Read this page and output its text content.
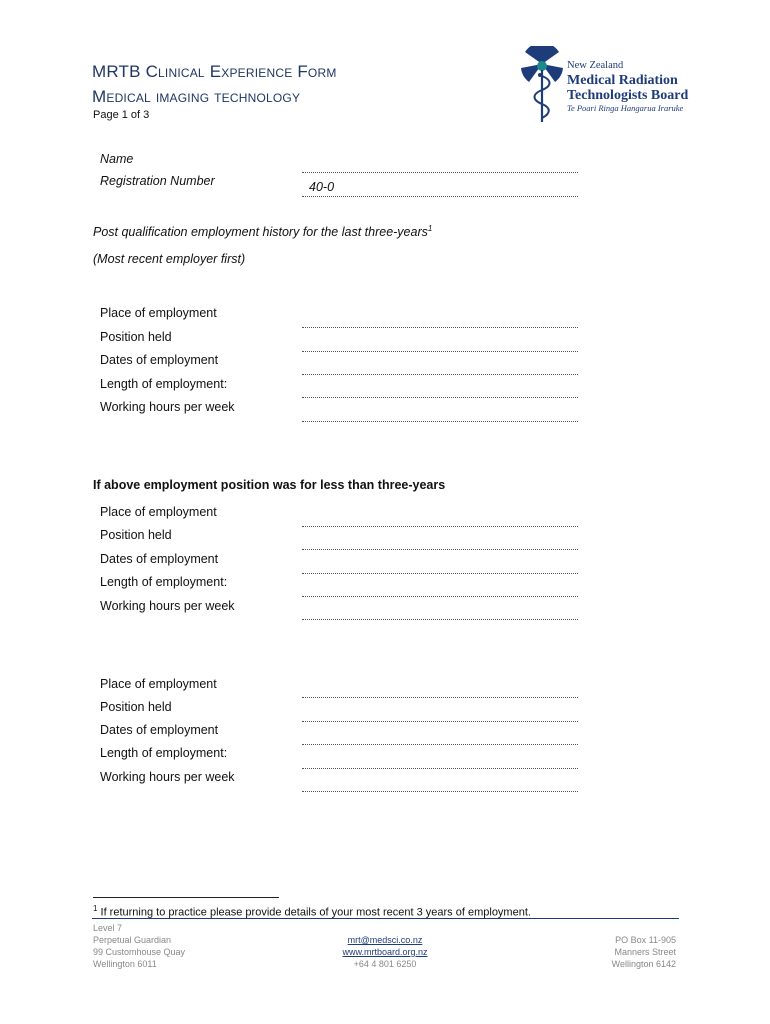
MRTB Clinical Experience Form
Medical imaging technology
Page 1 of 3
New Zealand
Medical Radiation
Technologists Board
Te Poari Ringa Hangarua Iraruke
Name
Registration Number	40-0
Post qualification employment history for the last three-years$^1$
(Most recent employer first)
Place of employment
Position held
Dates of employment
Length of employment:
Working hours per week
If above employment position was for less than three-years
Place of employment
Position held
Dates of employment
Length of employment:
Working hours per week
Place of employment
Position held
Dates of employment
Length of employment:
Working hours per week
$^1$ If returning to practice please provide details of your most recent 3 years of employment.
Level 7
Perpetual Guardian
99 Customhouse Quay
Wellington 6011
mrt@medsci.co.nz
www.mrtboard.org.nz
+64 4 801 6250
PO Box 11-905
Manners Street
Wellington 6142
